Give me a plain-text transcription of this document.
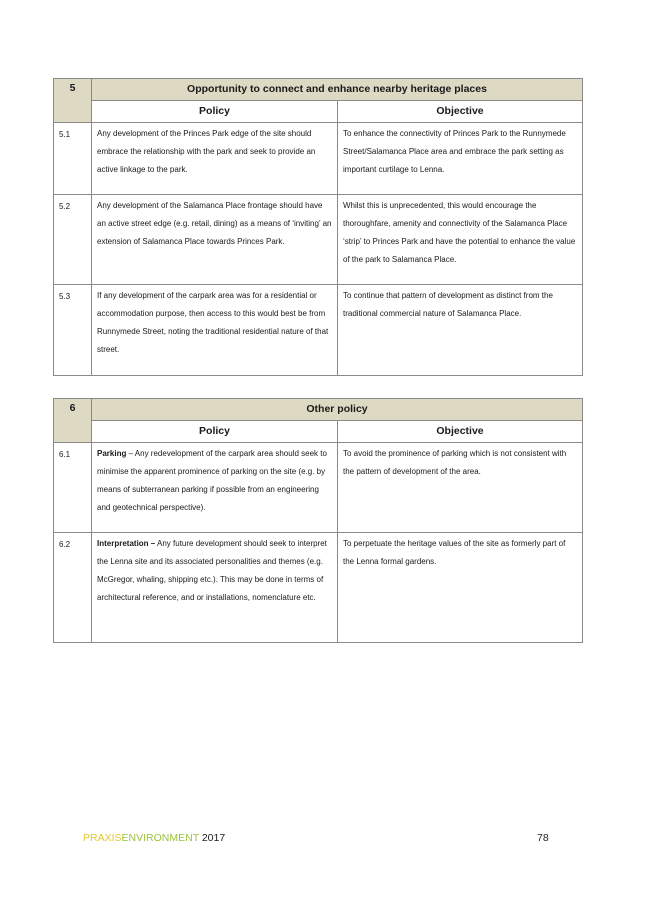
5	Opportunity to connect and enhance nearby heritage places	
	Policy	Objective
5.1	Any development of the Princes Park edge of the site should embrace the relationship with the park and seek to provide an active linkage to the park.	To enhance the connectivity of Princes Park to the Runnymede Street/Salamanca Place area and embrace the park setting as important curtilage to Lenna.
5.2	Any development of the Salamanca Place frontage should have an active street edge (e.g. retail, dining) as a means of ‘inviting’ an extension of Salamanca Place towards Princes Park.	Whilst this is unprecedented, this would encourage the thoroughfare, amenity and connectivity of the Salamanca Place ‘strip’ to Princes Park and have the potential to enhance the value of the park to Salamanca Place.
5.3	If any development of the carpark area was for a residential or accommodation purpose, then access to this would best be from Runnymede Street, noting the traditional residential nature of that street.	To continue that pattern of development as distinct from the traditional commercial nature of Salamanca Place.
6	Other policy	
	Policy	Objective
6.1	Parking – Any redevelopment of the carpark area should seek to minimise the apparent prominence of parking on the site (e.g. by means of subterranean parking if possible from an engineering and geotechnical perspective).	To avoid the prominence of parking which is not consistent with the pattern of development of the area.
6.2	Interpretation – Any future development should seek to interpret the Lenna site and its associated personalities and themes (e.g. McGregor, whaling, shipping etc.). This may be done in terms of architectural reference, and or installations, nomenclature etc.	To perpetuate the heritage values of the site as formerly part of the Lenna formal gardens.
PRAXISENVIRONMENT 2017	78
